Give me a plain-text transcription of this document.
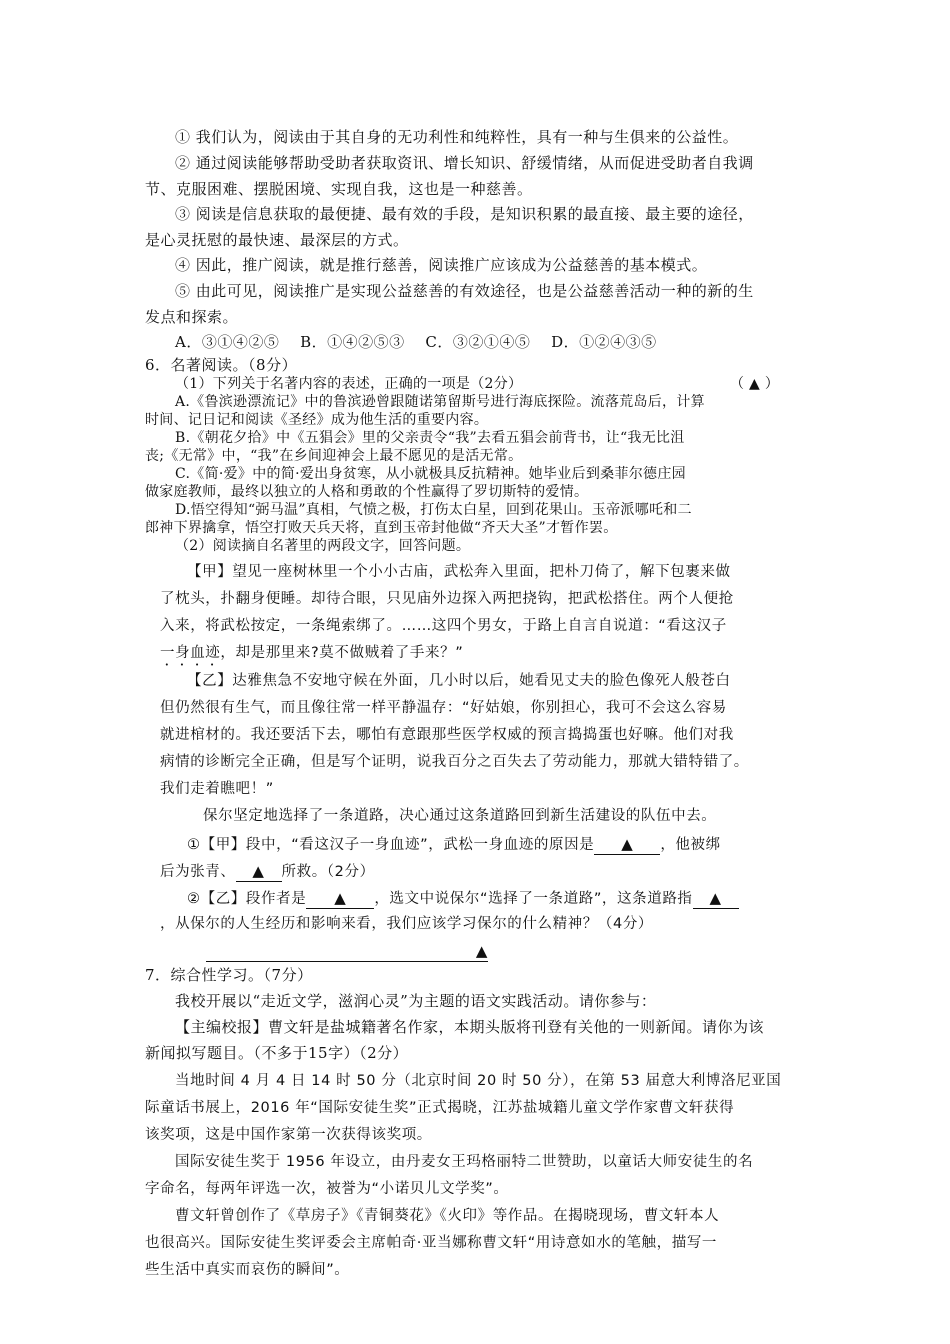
① 我们认为，阅读由于其自身的无功利性和纯粹性，具有一种与生俱来的公益性。
② 通过阅读能够帮助受助者获取资讯、增长知识、舒缓情绪，从而促进受助者自我调
节、克服困难、摆脱困境、实现自我，这也是一种慈善。
③ 阅读是信息获取的最便捷、最有效的手段，是知识积累的最直接、最主要的途径，
是心灵抚慰的最快速、最深层的方式。
④ 因此，推广阅读，就是推行慈善，阅读推广应该成为公益慈善的基本模式。
⑤ 由此可见，阅读推广是实现公益慈善的有效途径，也是公益慈善活动一种的新的生
发点和探索。
A．③①④②⑤　 B．①④②⑤③　 C．③②①④⑤　 D．①②④③⑤
6．名著阅读。（8分）
（1）下列关于名著内容的表述，正确的一项是（2分）	（ ▲ ）
A.《鲁滨逊漂流记》中的鲁滨逊曾跟随诺第留斯号进行海底探险。流落荒岛后，计算
时间、记日记和阅读《圣经》成为他生活的重要内容。
B.《朝花夕拾》中《五猖会》里的父亲责令“我”去看五猖会前背书，让“我无比沮
丧;《无常》中，“我”在乡间迎神会上最不愿见的是活无常。
C.《简·爱》中的简·爱出身贫寒，从小就极具反抗精神。她毕业后到桑菲尔德庄园
做家庭教师，最终以独立的人格和勇敢的个性赢得了罗切斯特的爱情。
D.悟空得知“弼马温”真相，气愤之极，打伤太白星，回到花果山。玉帝派哪吒和二
郎神下界擒拿，悟空打败天兵天将，直到玉帝封他做“齐天大圣”才暂作罢。
（2）阅读摘自名著里的两段文字，回答问题。
【甲】望见一座树林里一个小小古庙，武松奔入里面，把朴刀倚了，解下包裹来做
了枕头，扑翻身便睡。却待合眼，只见庙外边探入两把挠钩，把武松搭住。两个人便抢
入来，将武松按定，一条绳索绑了。……这四个男女，于路上自言自说道：“看这汉子
一身血迹，却是那里来?莫不做贼着了手来？”
【乙】达雅焦急不安地守候在外面，几小时以后，她看见丈夫的脸色像死人般苍白
但仍然很有生气，而且像往常一样平静温存：“好姑娘，你别担心，我可不会这么容易
就进棺材的。我还要活下去，哪怕有意跟那些医学权威的预言捣捣蛋也好嘛。他们对我
病情的诊断完全正确，但是写个证明，说我百分之百失去了劳动能力，那就大错特错了。
我们走着瞧吧！”
保尔坚定地选择了一条道路，决心通过这条道路回到新生活建设的队伍中去。
①【甲】段中，“看这汉子一身血迹”，武松一身血迹的原因是 ▲ ，他被绑
后为张青、 ▲ 所救。（2分）
②【乙】段作者是 ▲ ，选文中说保尔“选择了一条道路”，这条道路指 ▲
，从保尔的人生经历和影响来看，我们应该学习保尔的什么精神？（4分）
▲
7．综合性学习。（7分）
我校开展以“走近文学，滋润心灵”为主题的语文实践活动。请你参与：
【主编校报】曹文轩是盐城籍著名作家，本期头版将刊登有关他的一则新闻。请你为该
新闻拟写题目。（不多于15字）（2分）
当地时间 4 月 4 日 14 时 50 分（北京时间 20 时 50 分），在第 53 届意大利博洛尼亚国
际童话书展上，2016 年“国际安徒生奖”正式揭晓，江苏盐城籍儿童文学作家曹文轩获得
该奖项，这是中国作家第一次获得该奖项。
国际安徒生奖于 1956 年设立，由丹麦女王玛格丽特二世赞助，以童话大师安徒生的名
字命名，每两年评选一次，被誉为“小诺贝儿文学奖”。
曹文轩曾创作了《草房子》《青铜葵花》《火印》等作品。在揭晓现场，曹文轩本人
也很高兴。国际安徒生奖评委会主席帕奇·亚当娜称曹文轩“用诗意如水的笔触，描写一
些生活中真实而哀伤的瞬间”。
